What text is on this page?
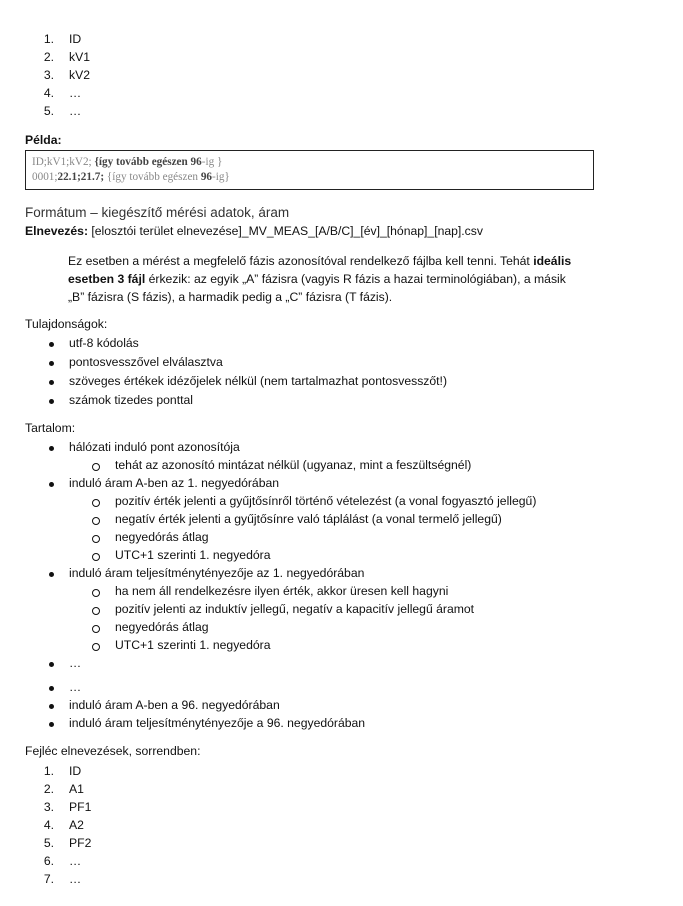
1. ID
2. kV1
3. kV2
4. …
5. …
Példa:
ID;kV1;kV2; {így tovább egészen 96-ig }
0001;22.1;21.7; {így tovább egészen 96-ig}
Formátum – kiegészítő mérési adatok, áram
Elnevezés: [elosztói terület elnevezése]_MV_MEAS_[A/B/C]_[év]_[hónap]_[nap].csv
Ez esetben a mérést a megfelelő fázis azonosítóval rendelkező fájlba kell tenni. Tehát ideális
esetben 3 fájl érkezik: az egyik „A” fázisra (vagyis R fázis a hazai terminológiában), a másik
„B” fázisra (S fázis), a harmadik pedig a „C” fázisra (T fázis).
Tulajdonságok:
utf-8 kódolás
pontosvesszővel elválasztva
szöveges értékek idézőjelek nélkül (nem tartalmazhat pontosvesszőt!)
számok tizedes ponttal
Tartalom:
hálózati induló pont azonosítója
tehát az azonosító mintázat nélkül (ugyanaz, mint a feszültségnél)
induló áram A-ben az 1. negyedórában
pozitív érték jelenti a gyűjtősínről történő vételezést (a vonal fogyasztó jellegű)
negatív érték jelenti a gyűjtősínre való táplálást (a vonal termelő jellegű)
negyedórás átlag
UTC+1 szerinti 1. negyedóra
induló áram teljesítménytényezője az 1. negyedórában
ha nem áll rendelkezésre ilyen érték, akkor üresen kell hagyni
pozitív jelenti az induktív jellegű, negatív a kapacitív jellegű áramot
negyedórás átlag
UTC+1 szerinti 1. negyedóra
…
…
induló áram A-ben a 96. negyedórában
induló áram teljesítménytényezője a 96. negyedórában
Fejléc elnevezések, sorrendben:
1. ID
2. A1
3. PF1
4. A2
5. PF2
6. …
7. …
